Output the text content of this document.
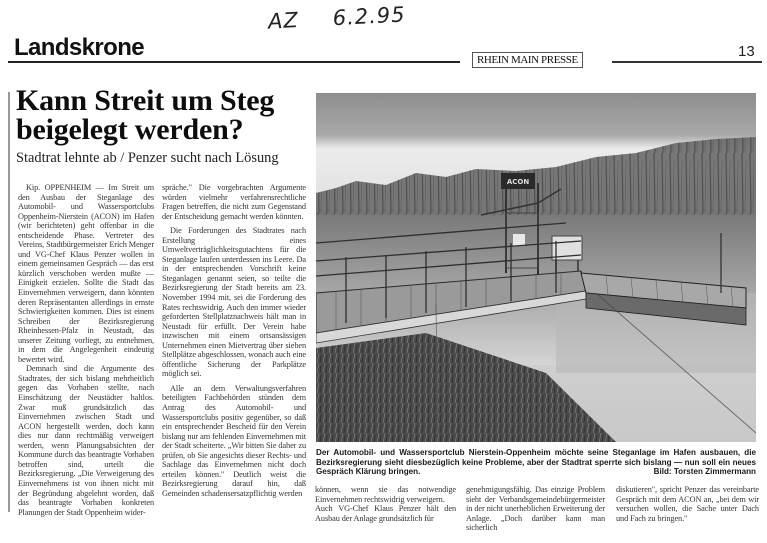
AZ 6.2.95
Landskrone	RHEIN MAIN PRESSE	13
Kann Streit um Steg beigelegt werden?
Stadtrat lehnte ab / Penzer sucht nach Lösung

Kip. OPPENHEIM — Im Streit um den Ausbau der Steganlage des Automobil- und Wassersportclubs Oppenheim-Nierstein (ACON) im Hafen (wir berichteten) geht offenbar in die entscheidende Phase. Vertreter des Vereins, Stadtbürgermeister Erich Menger und VG-Chef Klaus Penzer wollen in einem gemeinsamen Gespräch — das erst kürzlich verschoben werden mußte — Einigkeit erzielen. Sollte die Stadt das Einvernehmen verweigern, dann könnten deren Repräsentanten allerdings in ernste Schwierigkeiten kommen. Dies ist einem Schreiben der Bezirksregierung Rheinhessen-Pfalz in Neustadt, das unserer Zeitung vorliegt, zu entnehmen, in dem die Angelegenheit eindeutig bewertet wird.

Demnach sind die Argumente des Stadtrates, der sich bislang mehrheitlich gegen das Vorhaben stellte, nach Einschätzung der Neustädter haltlos. Zwar muß grundsätzlich das Einvernehmen zwischen Stadt und ACON hergestellt werden, doch kann dies nur dann rechtmäßig verweigert werden, wenn Planungsabsichten der Kommune durch das beantragte Vorhaben betroffen sind, urteilt die Bezirksregierung. „Die Verweigerung des Einvernehmens ist von ihnen nicht mit der Begründung abgelehnt worden, daß das beantragte Vorhaben konkreten Planungen der Stadt Oppenheim wider-

spräche." Die vorgebrachten Argumente würden vielmehr verfahrensrechtliche Fragen betreffen, die nicht zum Gegenstand der Entscheidung gemacht werden könnten.

Die Forderungen des Stadtrates nach Erstellung eines Umweltverträglichkeitsgutachtens für die Steganlage laufen unterdessen ins Leere. Da in der entsprechenden Vorschrift keine Steganlagen genannt seien, so teilte die Bezirksregierung der Stadt bereits am 23. November 1994 mit, sei die Forderung des Rates rechtswidrig. Auch den immer wieder geforderten Stellplatznachweis hält man in Neustadt für erfüllt. Der Verein habe inzwischen mit einem ortsansässigen Unternehmen einen Mietvertrag über sieben Stellplätze abgeschlossen, wonach auch eine öffentliche Sicherung der Parkplätze möglich sei.

Alle an dem Verwaltungsverfahren beteiligten Fachbehörden stünden dem Antrag des Automobil- und Wassersportclubs positiv gegenüber, so daß ein entsprechender Bescheid für den Verein bislang nur am fehlenden Einvernehmen mit der Stadt scheiterte. „Wir bitten Sie daher zu prüfen, ob Sie angesichts dieser Rechts- und Sachlage das Einvernehmen nicht doch erteilen können." Deutlich weist die Bezirksregierung darauf hin, daß Gemeinden schadensersatzpflichtig werden

ACON
Der Automobil- und Wassersportclub Nierstein-Oppenheim möchte seine Steganlage im Hafen ausbauen, die Bezirksregierung sieht diesbezüglich keine Probleme, aber der Stadtrat sperrte sich bislang — nun soll ein neues Gespräch Klärung bringen.	Bild: Torsten Zimmermann

können, wenn sie das notwendige Einvernehmen rechtswidrig verweigern.

Auch VG-Chef Klaus Penzer hält den Ausbau der Anlage grundsätzlich für

genehmigungsfähig. Das einzige Problem sieht der Verbandsgemeindebürgermeister in der nicht unerheblichen Erweiterung der Anlage. „Doch darüber kann man sicherlich

diskutieren", spricht Penzer das vereinbarte Gespräch mit dem ACON an, „bei dem wir versuchen wollen, die Sache unter Dach und Fach zu bringen."
